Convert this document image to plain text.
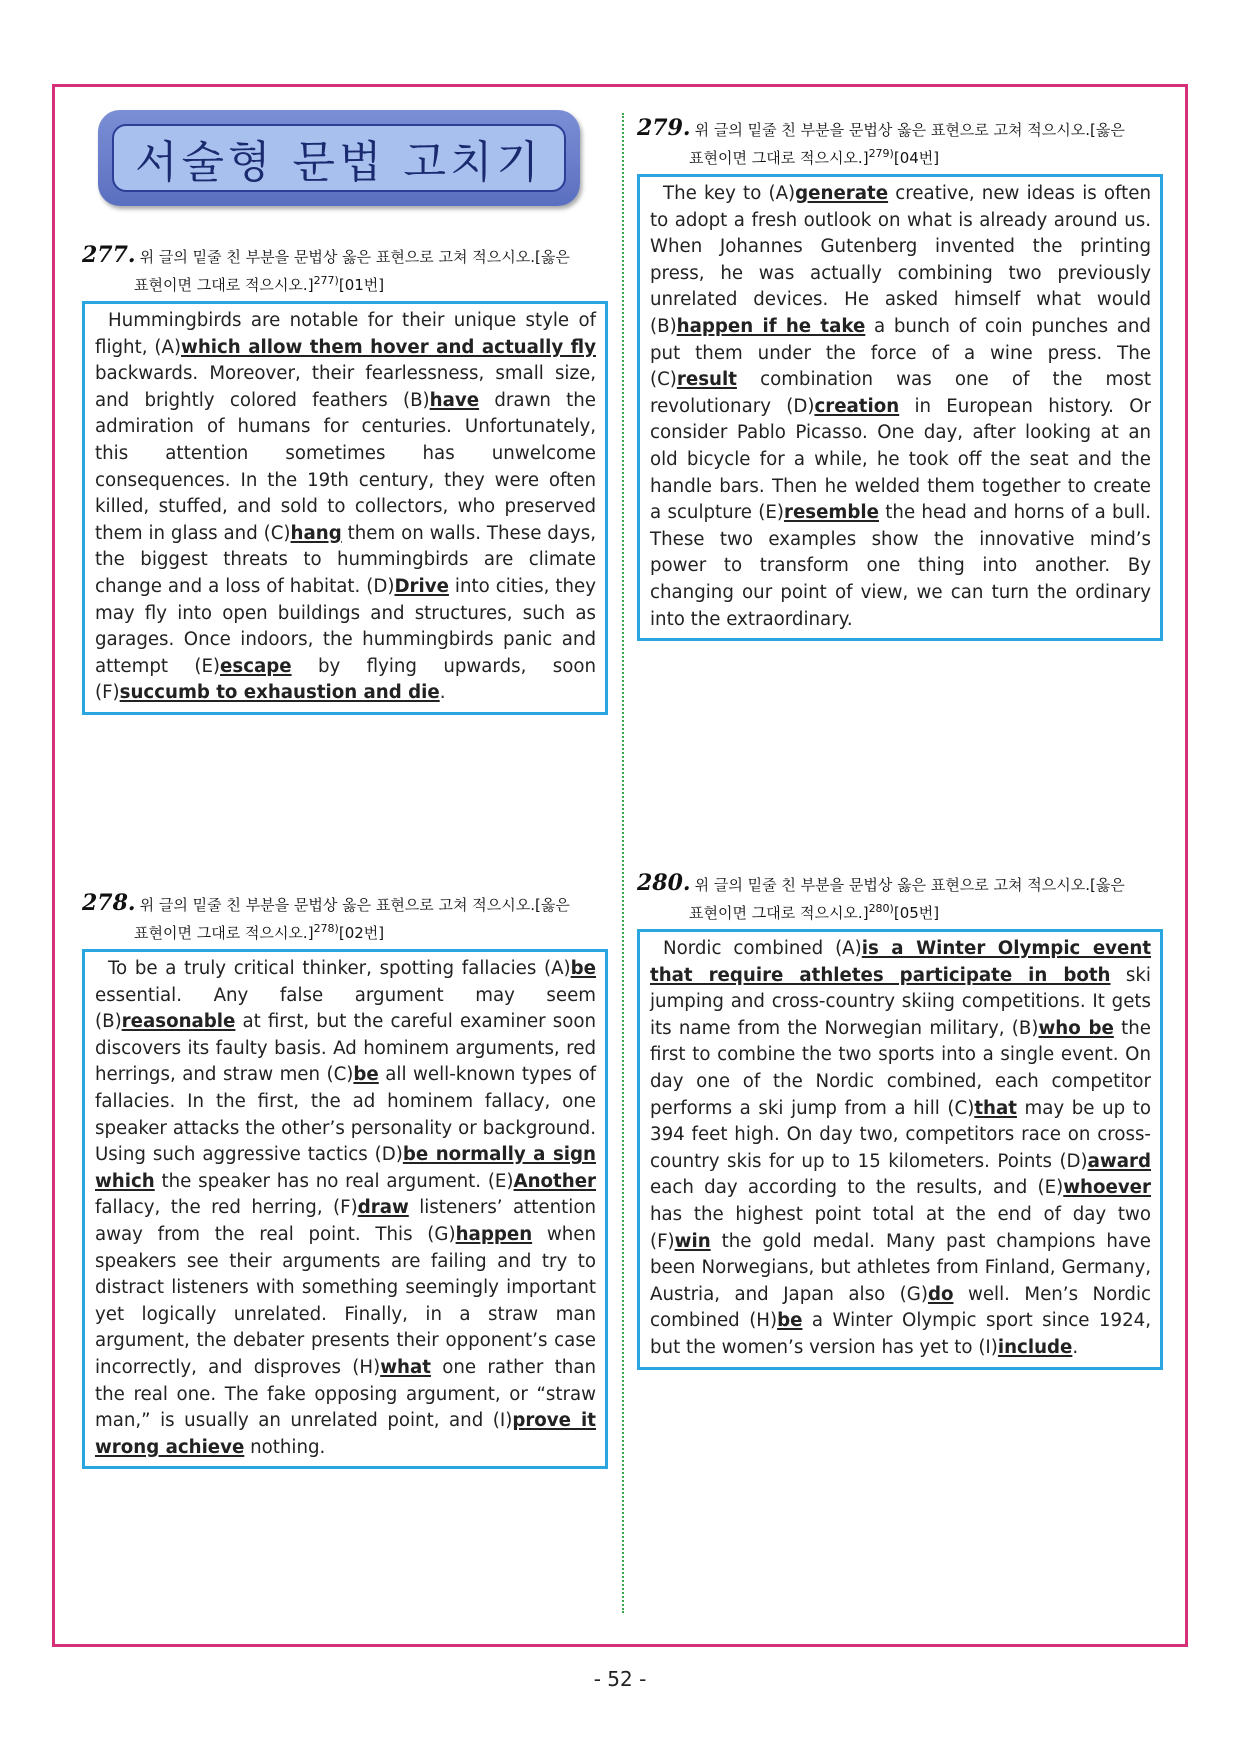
서술형 문법 고치기
277. 위 글의 밑줄 친 부분을 문법상 옳은 표현으로 고쳐 적으시오.[옳은
표현이면 그대로 적으시오.]$^{277)}$[01번]
Hummingbirds are notable for their unique style of flight, (A)which allow them hover and actually fly backwards. Moreover, their fearlessness, small size, and brightly colored feathers (B)have drawn the admiration of humans for centuries. Unfortunately, this attention sometimes has unwelcome consequences. In the 19th century, they were often killed, stuffed, and sold to collectors, who preserved them in glass and (C)hang them on walls. These days, the biggest threats to hummingbirds are climate change and a loss of habitat. (D)Drive into cities, they may fly into open buildings and structures, such as garages. Once indoors, the hummingbirds panic and attempt (E)escape by flying upwards, soon (F)succumb to exhaustion and die.
278. 위 글의 밑줄 친 부분을 문법상 옳은 표현으로 고쳐 적으시오.[옳은
표현이면 그대로 적으시오.]$^{278)}$[02번]
To be a truly critical thinker, spotting fallacies (A)be essential. Any false argument may seem (B)reasonable at first, but the careful examiner soon discovers its faulty basis. Ad hominem arguments, red herrings, and straw men (C)be all well-known types of fallacies. In the first, the ad hominem fallacy, one speaker attacks the other’s personality or background. Using such aggressive tactics (D)be normally a sign which the speaker has no real argument. (E)Another fallacy, the red herring, (F)draw listeners’ attention away from the real point. This (G)happen when speakers see their arguments are failing and try to distract listeners with something seemingly important yet logically unrelated. Finally, in a straw man argument, the debater presents their opponent’s case incorrectly, and disproves (H)what one rather than the real one. The fake opposing argument, or “straw man,” is usually an unrelated point, and (I)prove it wrong achieve nothing.
279. 위 글의 밑줄 친 부분을 문법상 옳은 표현으로 고쳐 적으시오.[옳은
표현이면 그대로 적으시오.]$^{279)}$[04번]
The key to (A)generate creative, new ideas is often to adopt a fresh outlook on what is already around us. When Johannes Gutenberg invented the printing press, he was actually combining two previously unrelated devices. He asked himself what would (B)happen if he take a bunch of coin punches and put them under the force of a wine press. The (C)result combination was one of the most revolutionary (D)creation in European history. Or consider Pablo Picasso. One day, after looking at an old bicycle for a while, he took off the seat and the handle bars. Then he welded them together to create a sculpture (E)resemble the head and horns of a bull. These two examples show the innovative mind’s power to transform one thing into another. By changing our point of view, we can turn the ordinary into the extraordinary.
280. 위 글의 밑줄 친 부분을 문법상 옳은 표현으로 고쳐 적으시오.[옳은
표현이면 그대로 적으시오.]$^{280)}$[05번]
Nordic combined (A)is a Winter Olympic event that require athletes participate in both ski jumping and cross-country skiing competitions. It gets its name from the Norwegian military, (B)who be the first to combine the two sports into a single event. On day one of the Nordic combined, each competitor performs a ski jump from a hill (C)that may be up to 394 feet high. On day two, competitors race on cross-country skis for up to 15 kilometers. Points (D)award each day according to the results, and (E)whoever has the highest point total at the end of day two (F)win the gold medal. Many past champions have been Norwegians, but athletes from Finland, Germany, Austria, and Japan also (G)do well. Men’s Nordic combined (H)be a Winter Olympic sport since 1924, but the women’s version has yet to (I)include.
- 52 -
